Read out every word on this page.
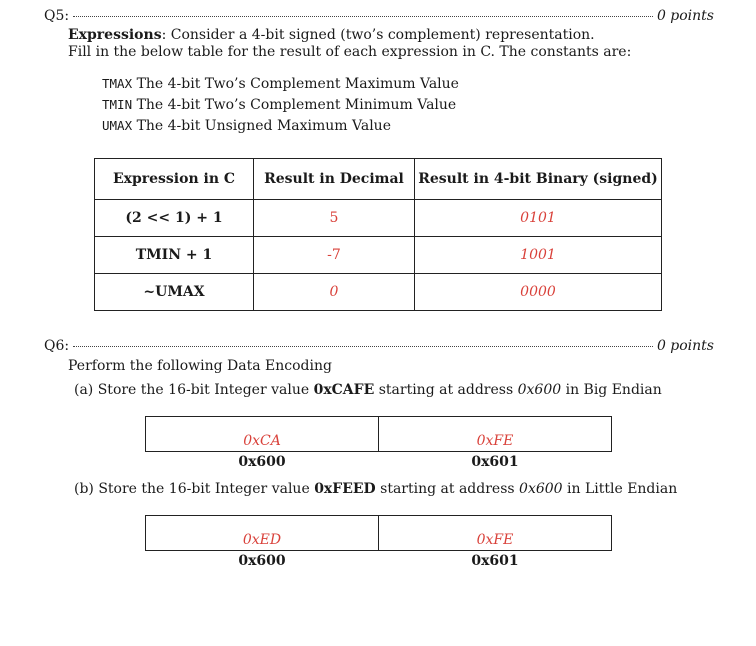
Q5:	0 points
Expressions: Consider a 4-bit signed (two’s complement) representation.
Fill in the below table for the result of each expression in C. The constants are:
TMAX The 4-bit Two’s Complement Maximum Value
TMIN The 4-bit Two’s Complement Minimum Value
UMAX The 4-bit Unsigned Maximum Value
Expression in C	Result in Decimal	Result in 4-bit Binary (signed)
(2 << 1) + 1	5	0101
TMIN + 1	-7	1001
~UMAX	0	0000
Q6:	0 points
Perform the following Data Encoding
(a) Store the 16-bit Integer value 0xCAFE starting at address 0x600 in Big Endian
0xCA	0xFE
0x600	0x601
(b) Store the 16-bit Integer value 0xFEED starting at address 0x600 in Little Endian
0xED	0xFE
0x600	0x601
